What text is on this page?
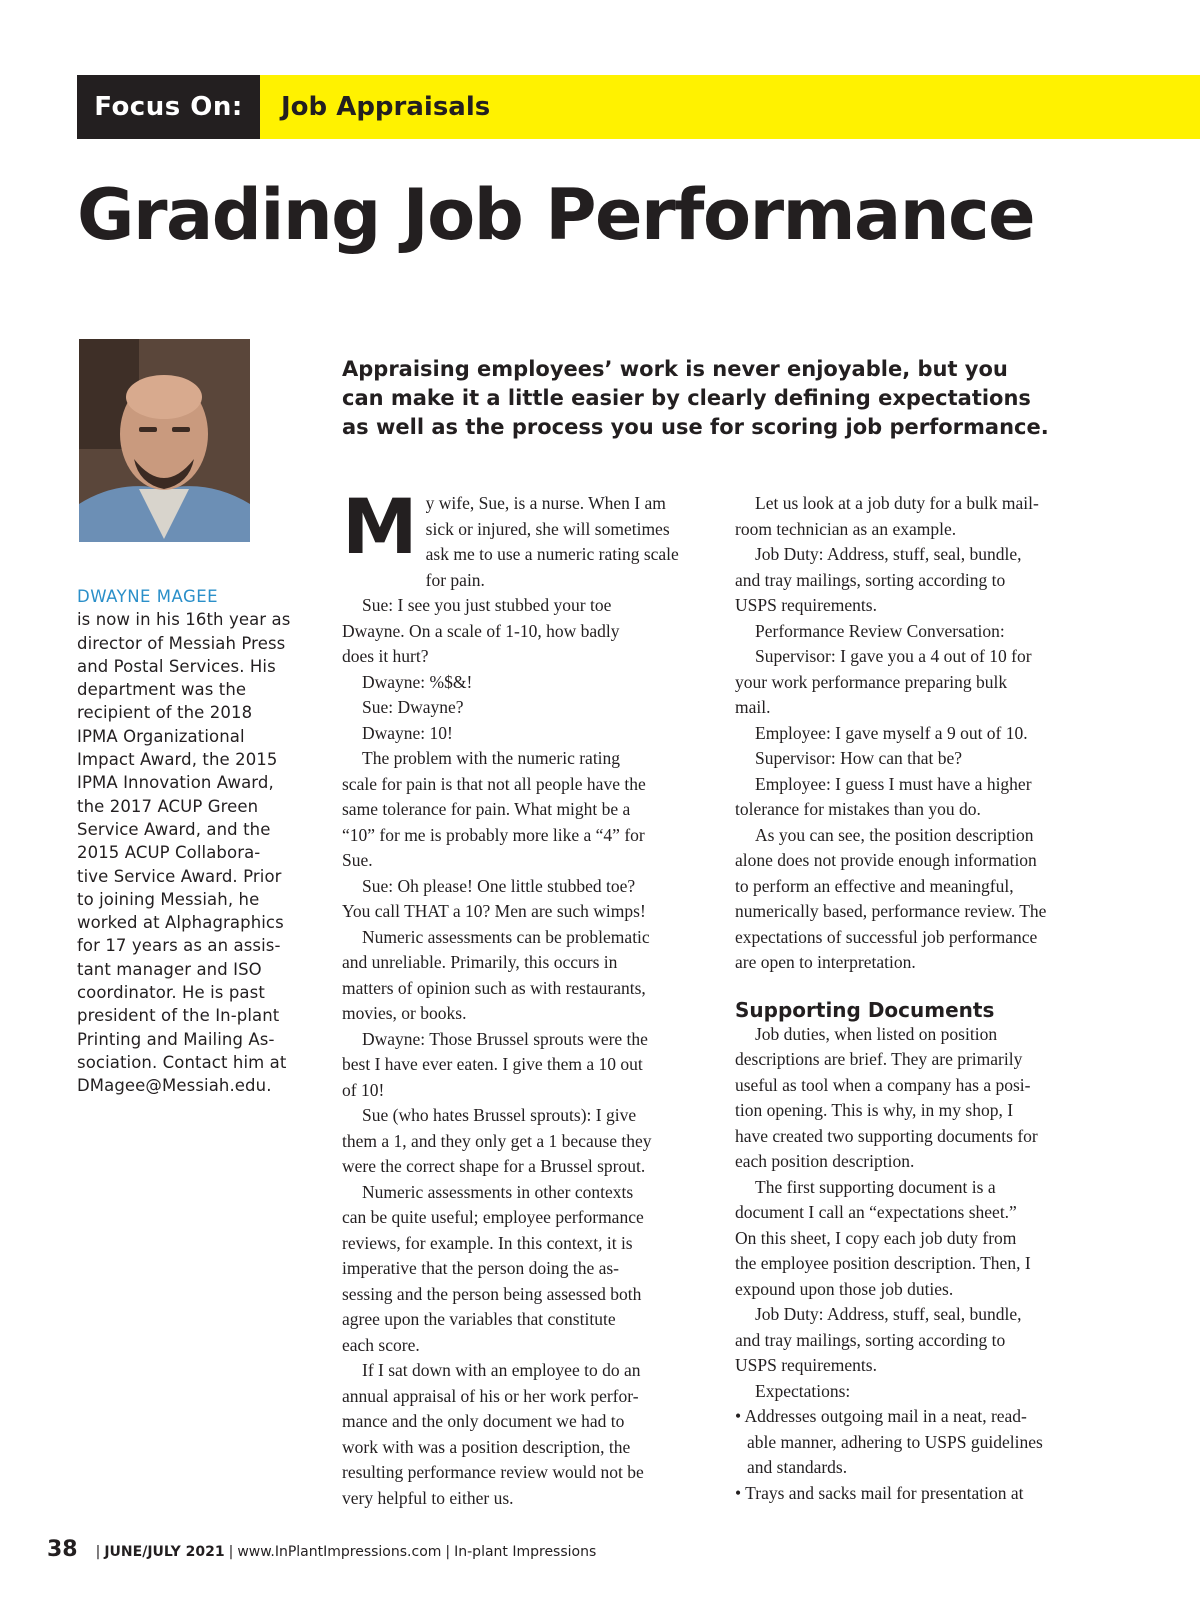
Focus On: Job Appraisals
Grading Job Performance
DWAYNE MAGEE
is now in his 16th year as
director of Messiah Press
and Postal Services. His
department was the
recipient of the 2018
IPMA Organizational
Impact Award, the 2015
IPMA Innovation Award,
the 2017 ACUP Green
Service Award, and the
2015 ACUP Collabora-
tive Service Award. Prior
to joining Messiah, he
worked at Alphagraphics
for 17 years as an assis-
tant manager and ISO
coordinator. He is past
president of the In-plant
Printing and Mailing As-
sociation. Contact him at
DMagee@Messiah.edu.
Appraising employees’ work is never enjoyable, but you
can make it a little easier by clearly defining expectations
as well as the process you use for scoring job performance.
M y wife, Sue, is a nurse. When I am
sick or injured, she will sometimes
ask me to use a numeric rating scale
for pain.
Sue: I see you just stubbed your toe
Dwayne. On a scale of 1-10, how badly
does it hurt?
Dwayne: %$&!
Sue: Dwayne?
Dwayne: 10!
The problem with the numeric rating
scale for pain is that not all people have the
same tolerance for pain. What might be a
“10” for me is probably more like a “4” for
Sue.
Sue: Oh please! One little stubbed toe?
You call THAT a 10? Men are such wimps!
Numeric assessments can be problematic
and unreliable. Primarily, this occurs in
matters of opinion such as with restaurants,
movies, or books.
Dwayne: Those Brussel sprouts were the
best I have ever eaten. I give them a 10 out
of 10!
Sue (who hates Brussel sprouts): I give
them a 1, and they only get a 1 because they
were the correct shape for a Brussel sprout.
Numeric assessments in other contexts
can be quite useful; employee performance
reviews, for example. In this context, it is
imperative that the person doing the as-
sessing and the person being assessed both
agree upon the variables that constitute
each score.
If I sat down with an employee to do an
annual appraisal of his or her work perfor-
mance and the only document we had to
work with was a position description, the
resulting performance review would not be
very helpful to either us.
Let us look at a job duty for a bulk mail-
room technician as an example.
Job Duty: Address, stuff, seal, bundle,
and tray mailings, sorting according to
USPS requirements.
Performance Review Conversation:
Supervisor: I gave you a 4 out of 10 for
your work performance preparing bulk
mail.
Employee: I gave myself a 9 out of 10.
Supervisor: How can that be?
Employee: I guess I must have a higher
tolerance for mistakes than you do.
As you can see, the position description
alone does not provide enough information
to perform an effective and meaningful,
numerically based, performance review. The
expectations of successful job performance
are open to interpretation.
Supporting Documents
Job duties, when listed on position
descriptions are brief. They are primarily
useful as tool when a company has a posi-
tion opening. This is why, in my shop, I
have created two supporting documents for
each position description.
The first supporting document is a
document I call an “expectations sheet.”
On this sheet, I copy each job duty from
the employee position description. Then, I
expound upon those job duties.
Job Duty: Address, stuff, seal, bundle,
and tray mailings, sorting according to
USPS requirements.
Expectations:
• Addresses outgoing mail in a neat, read-
able manner, adhering to USPS guidelines
and standards.
• Trays and sacks mail for presentation at
38 | JUNE/JULY 2021 | www.InPlantImpressions.com | In-plant Impressions
